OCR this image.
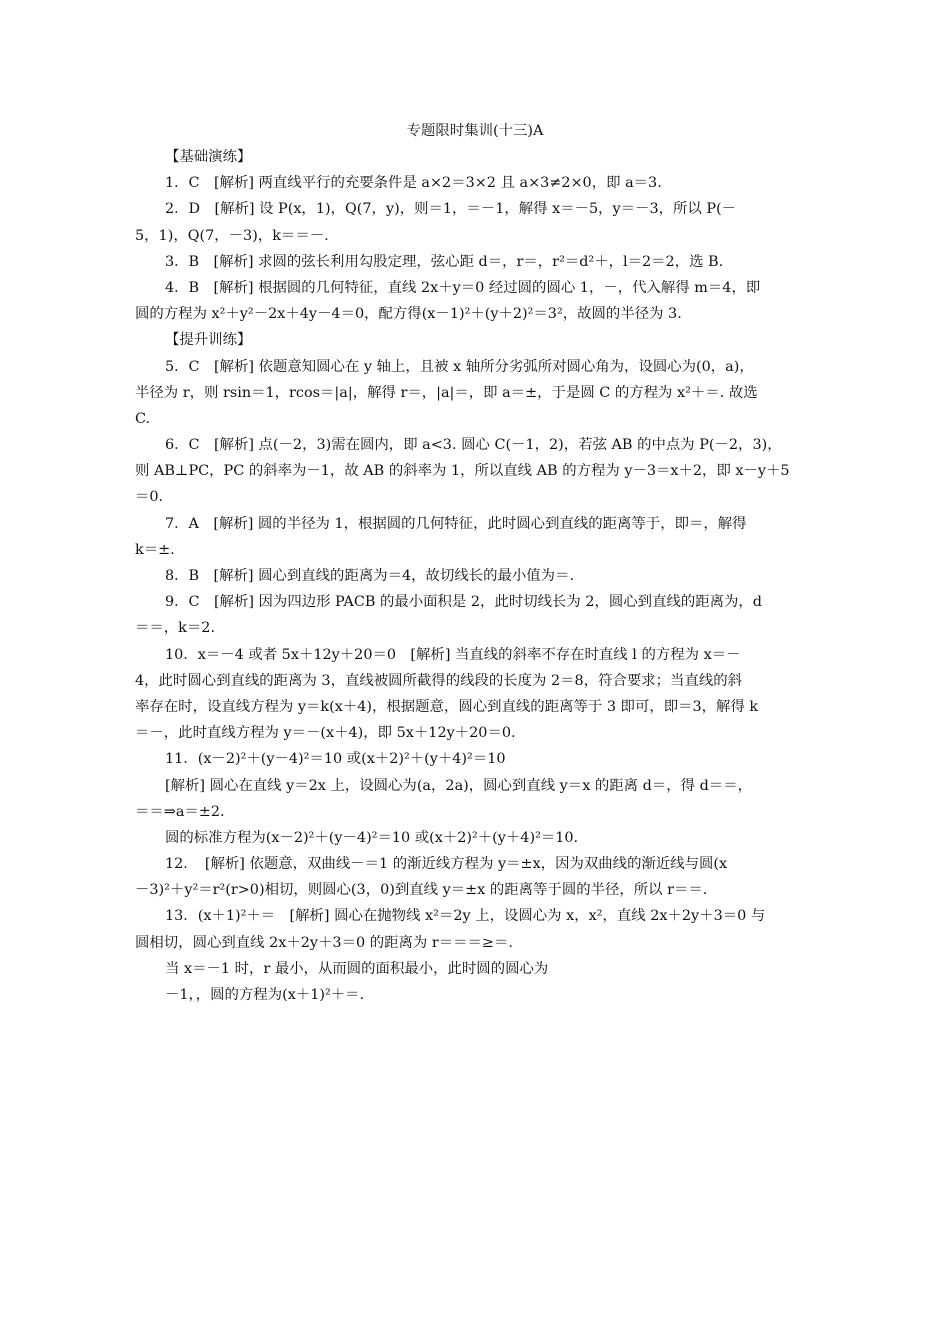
专题限时集训(十三)A
【基础演练】
1．C　[解析] 两直线平行的充要条件是 a×2＝3×2 且 a×3≠2×0，即 a＝3.
2．D　[解析] 设 P(x，1)，Q(7，y)，则＝1，＝－1，解得 x＝－5，y＝－3，所以 P(－
5，1)，Q(7，－3)，k＝＝－.
3．B　[解析] 求圆的弦长利用勾股定理，弦心距 d＝，r＝，r²＝d²＋，l＝2＝2，选 B.
4．B　[解析] 根据圆的几何特征，直线 2x＋y＝0 经过圆的圆心 1，－，代入解得 m＝4，即
圆的方程为 x²＋y²－2x＋4y－4＝0，配方得(x－1)²＋(y＋2)²＝3²，故圆的半径为 3.
【提升训练】
5．C　[解析] 依题意知圆心在 y 轴上，且被 x 轴所分劣弧所对圆心角为，设圆心为(0，a)，
半径为 r，则 rsin＝1，rcos＝|a|，解得 r＝，|a|＝，即 a＝±，于是圆 C 的方程为 x²＋＝. 故选
C.
6．C　[解析] 点(－2，3)需在圆内，即 a<3. 圆心 C(－1，2)，若弦 AB 的中点为 P(－2，3)，
则 AB⊥PC，PC 的斜率为－1，故 AB 的斜率为 1，所以直线 AB 的方程为 y－3＝x＋2，即 x－y＋5
＝0.
7．A　[解析] 圆的半径为 1，根据圆的几何特征，此时圆心到直线的距离等于，即＝，解得
k＝±.
8．B　[解析] 圆心到直线的距离为＝4，故切线长的最小值为＝.
9．C　[解析] 因为四边形 PACB 的最小面积是 2，此时切线长为 2，圆心到直线的距离为，d
＝＝，k＝2.
10．x＝－4 或者 5x＋12y＋20＝0　[解析] 当直线的斜率不存在时直线 l 的方程为 x＝－
4，此时圆心到直线的距离为 3，直线被圆所截得的线段的长度为 2＝8，符合要求；当直线的斜
率存在时，设直线方程为 y＝k(x＋4)，根据题意，圆心到直线的距离等于 3 即可，即＝3，解得 k
＝－，此时直线方程为 y＝－(x＋4)，即 5x＋12y＋20＝0.
11．(x－2)²＋(y－4)²＝10 或(x＋2)²＋(y＋4)²＝10
[解析] 圆心在直线 y＝2x 上，设圆心为(a，2a)，圆心到直线 y＝x 的距离 d＝，得 d＝＝，
＝＝⇒a＝±2.
圆的标准方程为(x－2)²＋(y－4)²＝10 或(x＋2)²＋(y＋4)²＝10.
12．　[解析] 依题意，双曲线－＝1 的渐近线方程为 y＝±x，因为双曲线的渐近线与圆(x
－3)²＋y²＝r²(r>0)相切，则圆心(3，0)到直线 y＝±x 的距离等于圆的半径，所以 r＝＝.
13．(x＋1)²＋＝　[解析] 圆心在抛物线 x²＝2y 上，设圆心为 x，x²，直线 2x＋2y＋3＝0 与
圆相切，圆心到直线 2x＋2y＋3＝0 的距离为 r＝＝＝≥＝.
当 x＝－1 时，r 最小，从而圆的面积最小，此时圆的圆心为
－1，，圆的方程为(x＋1)²＋＝.
